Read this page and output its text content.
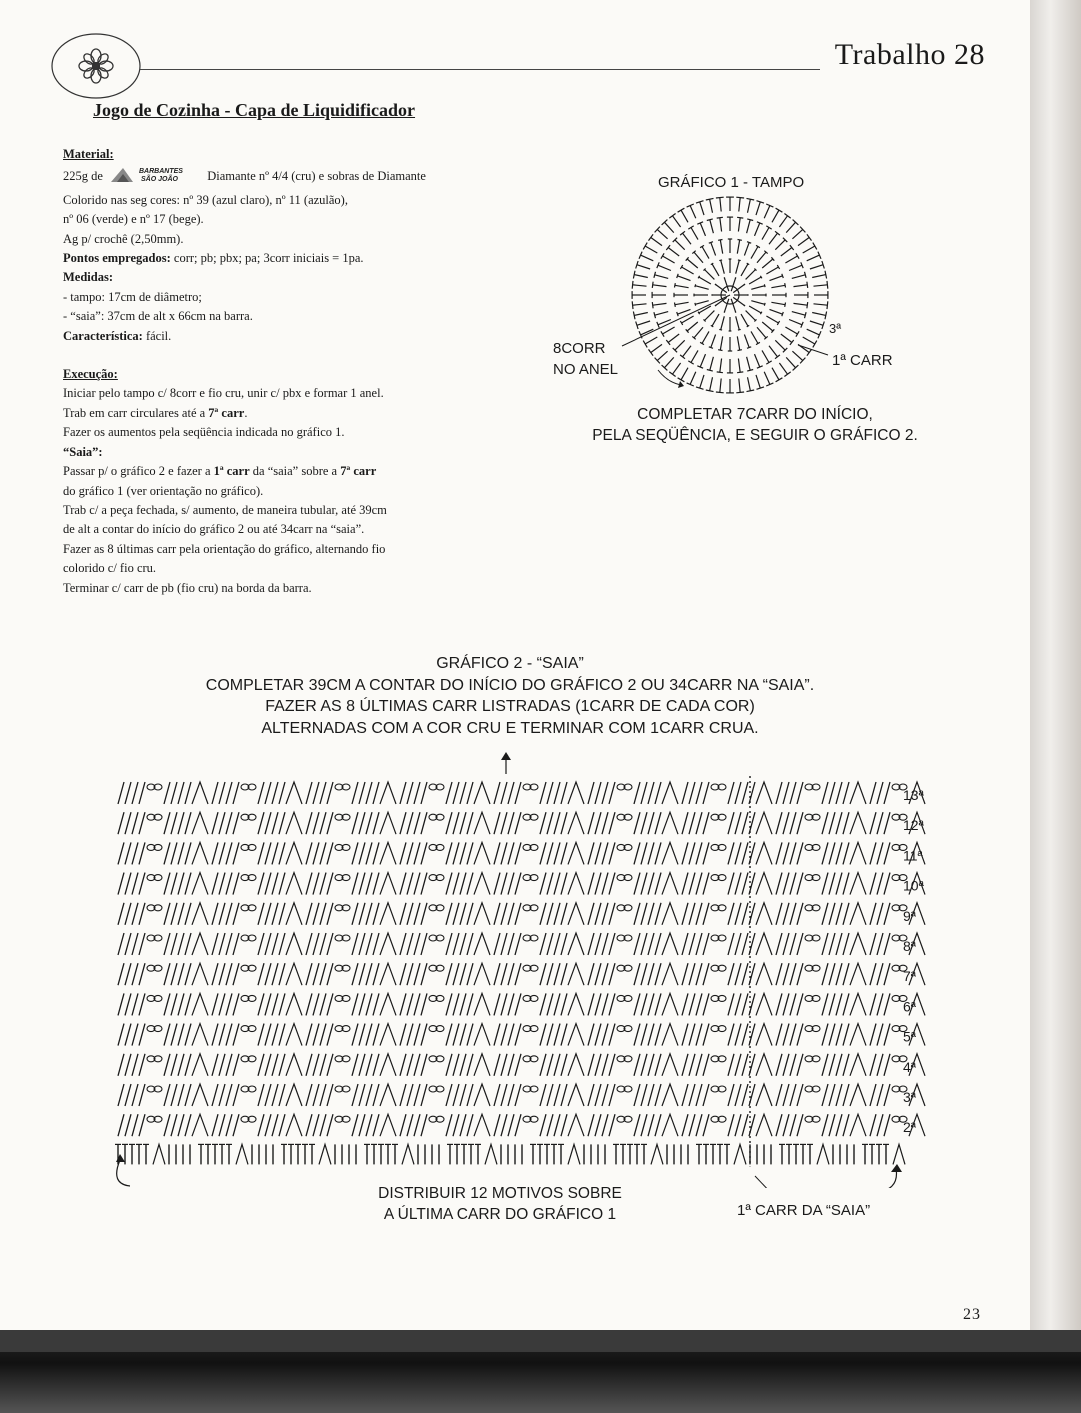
Trabalho 28
Jogo de Cozinha - Capa de Liquidificador
Material:
225g de	BARBANTES
SÃO JOÃO Diamante nº 4/4 (cru) e sobras de Diamante
Colorido nas seg cores: nº 39 (azul claro), nº 11 (azulão),
nº 06 (verde) e nº 17 (bege).
Ag p/ crochê (2,50mm).
Pontos empregados: corr; pb; pbx; pa; 3corr iniciais = 1pa.
Medidas:
- tampo: 17cm de diâmetro;
- “saia”: 37cm de alt x 66cm na barra.
Característica: fácil.
Execução:
Iniciar pelo tampo c/ 8corr e fio cru, unir c/ pbx e formar 1 anel.
Trab em carr circulares até a 7ª carr.
Fazer os aumentos pela seqüência indicada no gráfico 1.
“Saia”:
Passar p/ o gráfico 2 e fazer a 1ª carr da “saia” sobre a 7ª carr
do gráfico 1 (ver orientação no gráfico).
Trab c/ a peça fechada, s/ aumento, de maneira tubular, até 39cm
de alt a contar do início do gráfico 2 ou até 34carr na “saia”.
Fazer as 8 últimas carr pela orientação do gráfico, alternando fio
colorido c/ fio cru.
Terminar c/ carr de pb (fio cru) na borda da barra.
GRÁFICO 1 - TAMPO
8CORR
NO ANEL
3ª
1ª CARR
COMPLETAR 7CARR DO INÍCIO,
PELA SEQÜÊNCIA, E SEGUIR O GRÁFICO 2.
GRÁFICO 2 - “SAIA”
COMPLETAR 39CM A CONTAR DO INÍCIO DO GRÁFICO 2 OU 34CARR NA “SAIA”.
FAZER AS 8 ÚLTIMAS CARR LISTRADAS (1CARR DE CADA COR)
ALTERNADAS COM A COR CRU E TERMINAR COM 1CARR CRUA.
13ª
12ª
11ª
10ª
9ª
8ª
7ª
6ª
5ª
4ª
3ª
2ª
DISTRIBUIR 12 MOTIVOS SOBRE
A ÚLTIMA CARR DO GRÁFICO 1	1ª CARR DA “SAIA”
23
